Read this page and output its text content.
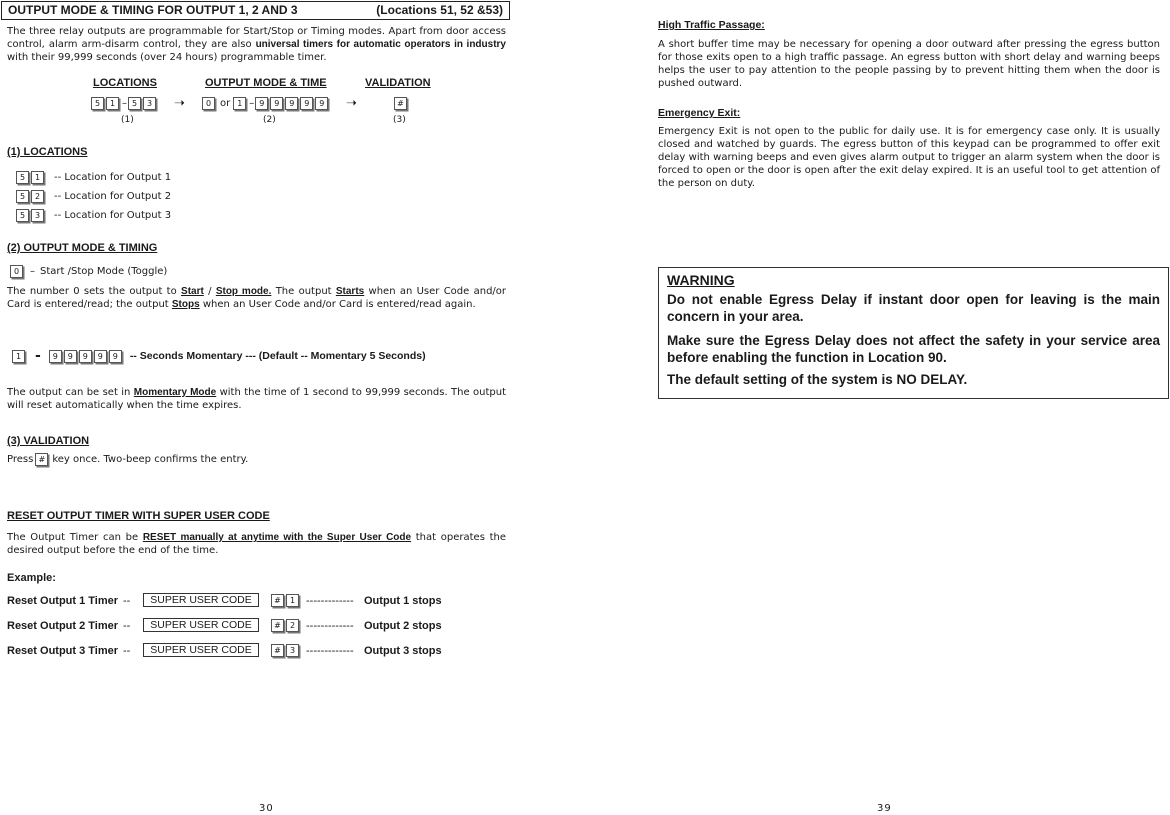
OUTPUT MODE & TIMING FOR OUTPUT 1, 2 AND 3	(Locations 51, 52 &53)

The three relay outputs are programmable for Start/Stop or Timing modes. Apart from door access control, alarm arm-disarm control, they are also universal timers for automatic operators in industry with their 99,999 seconds (over 24 hours) programmable timer.

LOCATIONS	OUTPUT MODE & TIME	VALIDATION
5	1 – 5	3	➝	0 or 1 – 9	9	9	9	9	➝	#
(1)	(2)	(3)
(1) LOCATIONS
5	1	-- Location for Output 1
5	2	-- Location for Output 2
5	3	-- Location for Output 3
(2) OUTPUT MODE & TIMING
0	– Start /Stop Mode (Toggle)

The number 0 sets the output to Start / Stop mode. The output Starts when an User Code and/or Card is entered/read; the output Stops when an User Code and/or Card is entered/read again.

1 -	9	9	9	9	9	-- Seconds Momentary --- (Default -- Momentary 5 Seconds)

The output can be set in Momentary Mode with the time of 1 second to 99,999 seconds. The output will reset automatically when the time expires.

(3) VALIDATION
Press # key once. Two-beep confirms the entry.
RESET OUTPUT TIMER WITH SUPER USER CODE

The Output Timer can be RESET manually at anytime with the Super User Code that operates the desired output before the end of the time.

Example:
Reset Output 1 Timer --	SUPER USER CODE	#	1 ------------- Output 1 stops
Reset Output 2 Timer --	SUPER USER CODE	#	2 ------------- Output 2 stops
Reset Output 3 Timer --	SUPER USER CODE	#	3 ------------- Output 3 stops
30
High Traffic Passage:

A short buffer time may be necessary for opening a door outward after pressing the egress button for those exits open to a high traffic passage. An egress button with short delay and warning beeps helps the user to pay attention to the people passing by to prevent hitting them when the door is pushed outward.

Emergency Exit:

Emergency Exit is not open to the public for daily use. It is for emergency case only. It is usually closed and watched by guards. The egress button of this keypad can be programmed to offer exit delay with warning beeps and even gives alarm output to trigger an alarm system when the door is forced to open or the door is open after the exit delay expired. It is an useful tool to get attention of the person on duty.

WARNING
Do not enable Egress Delay if instant door open for leaving is the main concern in your area.
Make sure the Egress Delay does not affect the safety in your service area before enabling the function in Location 90.
The default setting of the system is NO DELAY.
39
